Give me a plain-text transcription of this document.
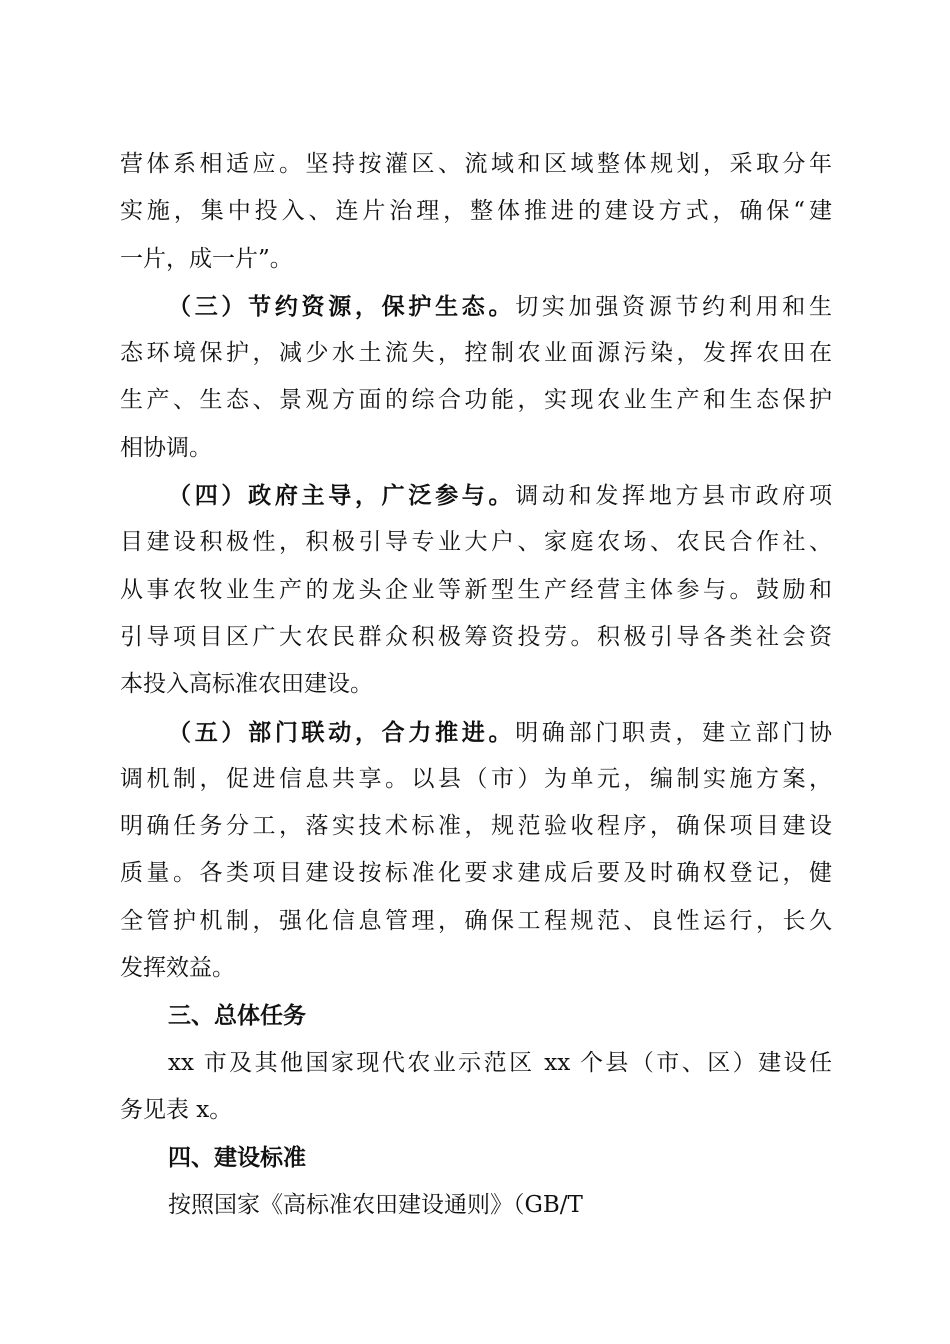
营体系相适应。坚持按灌区、流域和区域整体规划，采取分年
实施，集中投入、连片治理，整体推进的建设方式，确保“建
一片，成一片”。
（三）节约资源，保护生态。切实加强资源节约利用和生
态环境保护，减少水土流失，控制农业面源污染，发挥农田在
生产、生态、景观方面的综合功能，实现农业生产和生态保护
相协调。
（四）政府主导，广泛参与。调动和发挥地方县市政府项
目建设积极性，积极引导专业大户、家庭农场、农民合作社、
从事农牧业生产的龙头企业等新型生产经营主体参与。鼓励和
引导项目区广大农民群众积极筹资投劳。积极引导各类社会资
本投入高标准农田建设。
（五）部门联动，合力推进。明确部门职责，建立部门协
调机制，促进信息共享。以县（市）为单元，编制实施方案，
明确任务分工，落实技术标准，规范验收程序，确保项目建设
质量。各类项目建设按标准化要求建成后要及时确权登记，健
全管护机制，强化信息管理，确保工程规范、良性运行，长久
发挥效益。
三、总体任务
xx 市及其他国家现代农业示范区 xx 个县（市、区）建设任
务见表 x。
四、建设标准
按照国家《高标准农田建设通则》（GB/T
